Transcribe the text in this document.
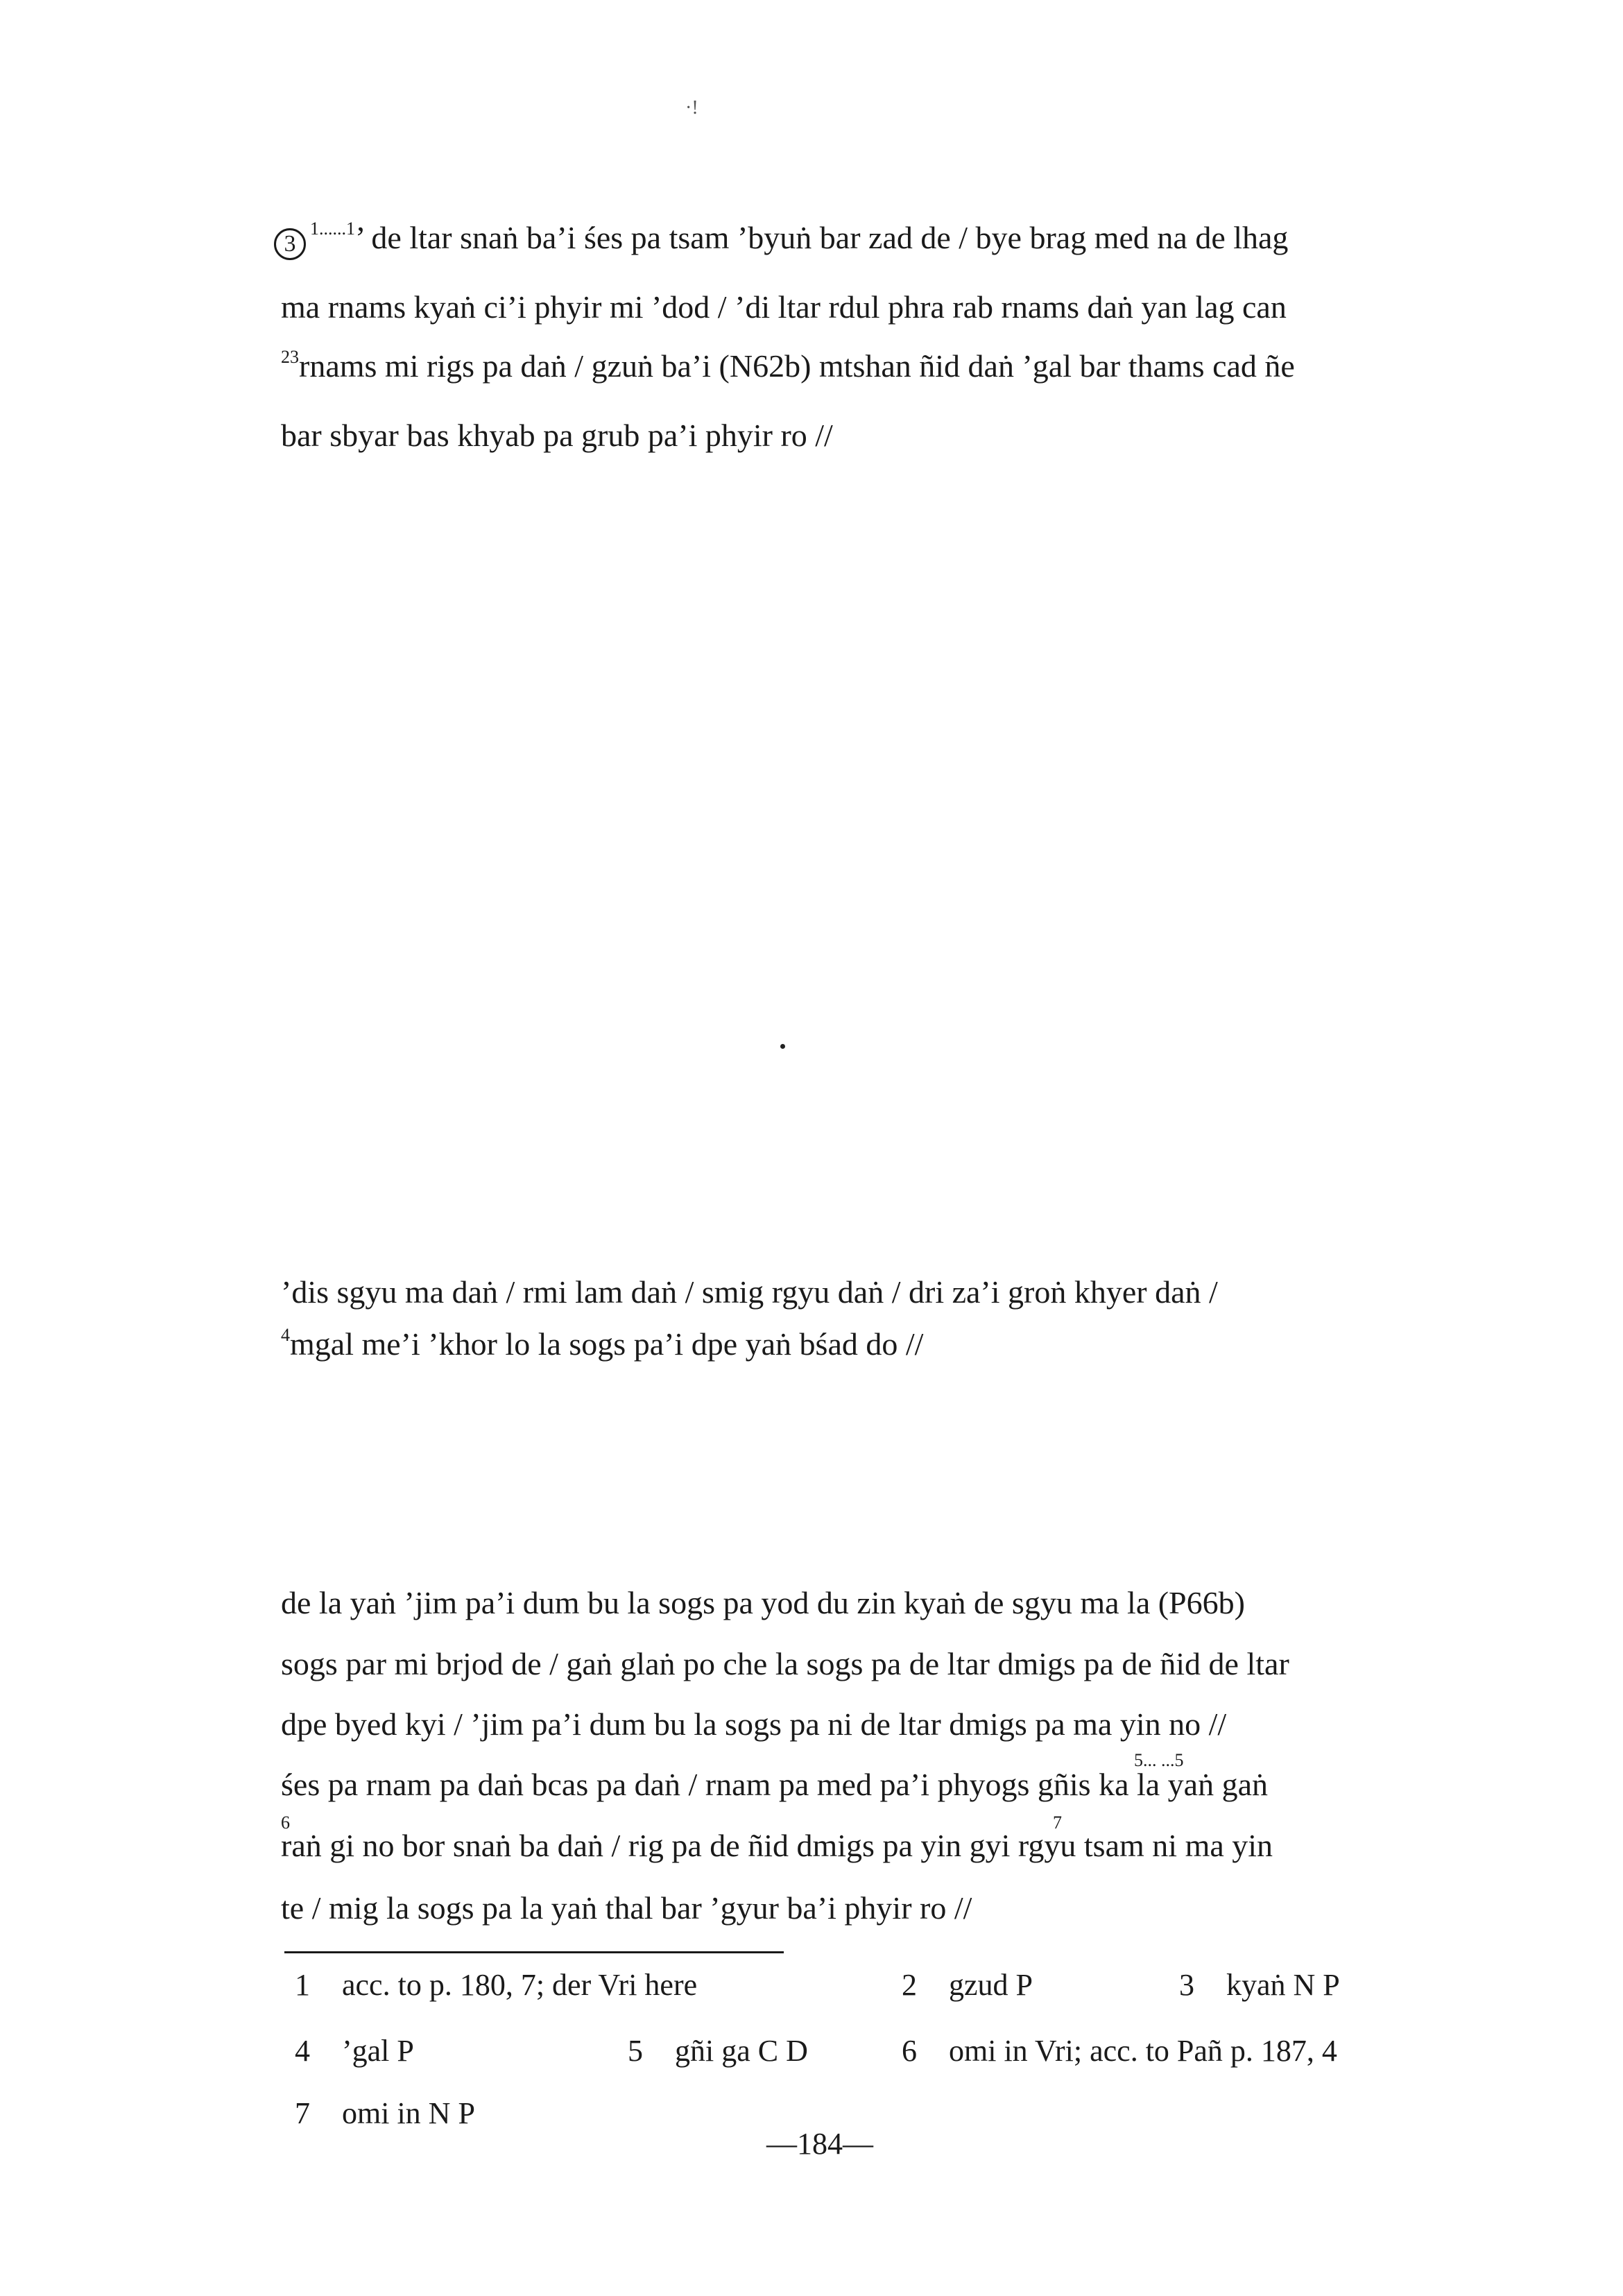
·!
$3^{1......1}$’ de ltar snaṅ ba’i śes pa tsam ’byuṅ bar zad de / bye brag med na de lhag
ma rnams kyaṅ ci’i phyir mi ’dod / ’di ltar rdul phra rab rnams daṅ yan lag can
$^{23}$rnams mi rigs pa daṅ / gzuṅ ba’i (N62b) mtshan ñid daṅ ’gal bar thams cad ñe
bar sbyar bas khyab pa grub pa’i phyir ro //
’dis sgyu ma daṅ / rmi lam daṅ / smig rgyu daṅ / dri za’i groṅ khyer daṅ /
$^4$mgal me’i ’khor lo la sogs pa’i dpe yaṅ bśad do //
de la yaṅ ’jim pa’i dum bu la sogs pa yod du zin kyaṅ de sgyu ma la (P66b)
sogs par mi brjod de / gaṅ glaṅ po che la sogs pa de ltar dmigs pa de ñid de ltar
dpe byed kyi / ’jim pa’i dum bu la sogs pa ni de ltar dmigs pa ma yin no //
$^{5... ...5}$
śes pa rnam pa daṅ bcas pa daṅ / rnam pa med pa’i phyogs gñis ka la yaṅ gaṅ
$^6$	$^7$
raṅ gi no bor snaṅ ba daṅ / rig pa de ñid dmigs pa yin gyi rgyu tsam ni ma yin
te / mig la sogs pa la yaṅ thal bar ’gyur ba’i phyir ro //
1 acc. to p. 180, 7; der Vri here	2 gzud P	3 kyaṅ N P
4 ’gal P	5 gñi ga C D	6 omi in Vri; acc. to Pañ p. 187, 4
7 omi in N P
—184—
